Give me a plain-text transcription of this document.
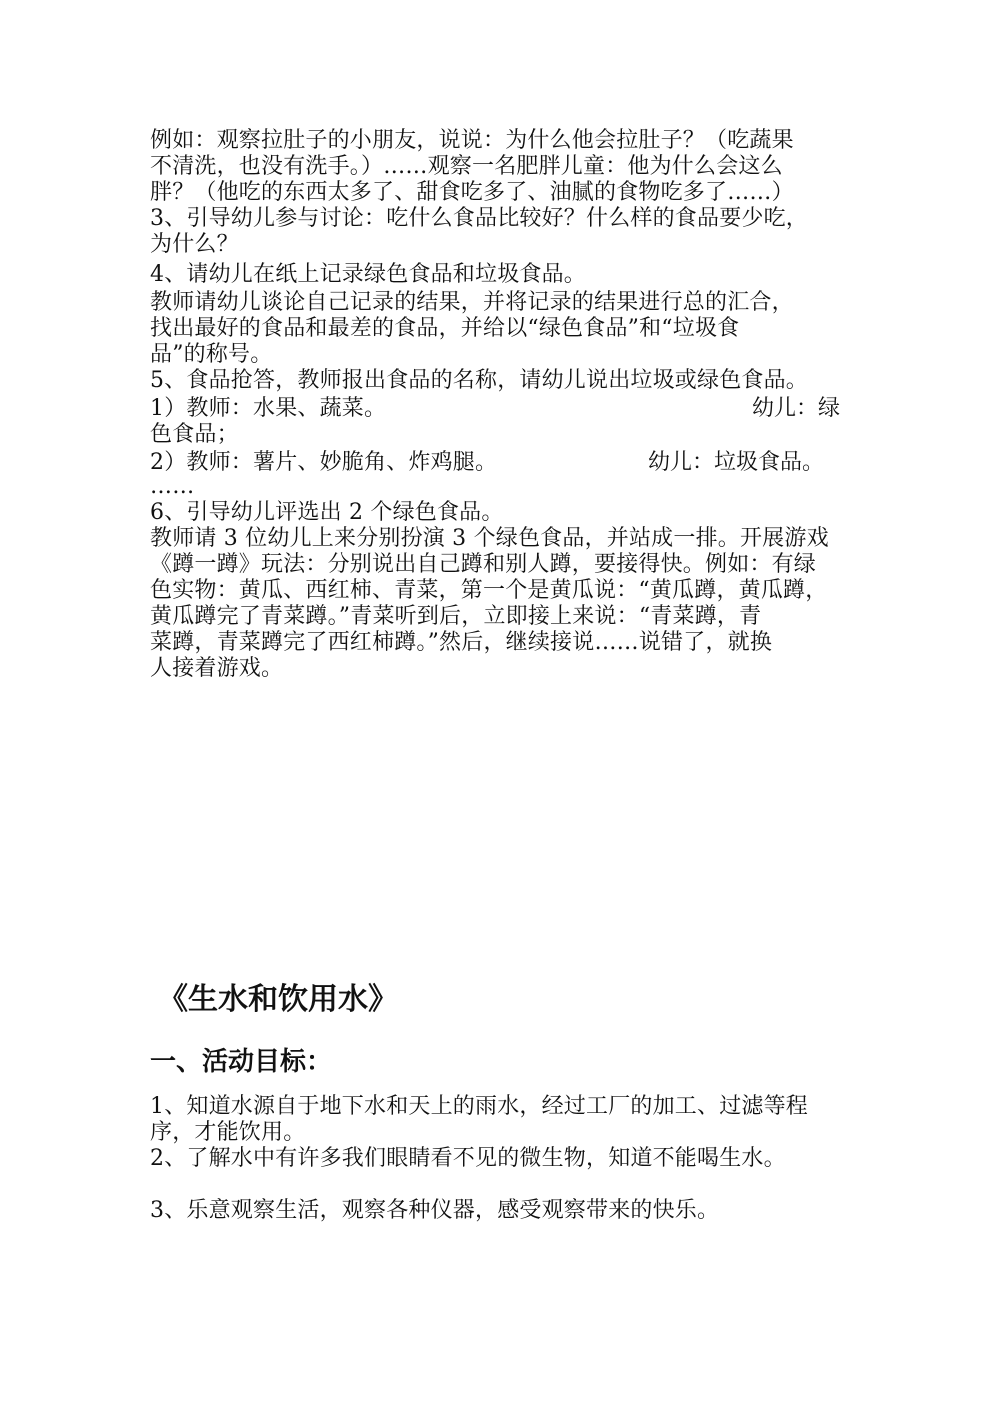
例如：观察拉肚子的小朋友，说说：为什么他会拉肚子？（吃蔬果
不清洗，也没有洗手。）……观察一名肥胖儿童：他为什么会这么
胖？（他吃的东西太多了、甜食吃多了、油腻的食物吃多了……）
3、引导幼儿参与讨论：吃什么食品比较好？什么样的食品要少吃，
为什么？
4、请幼儿在纸上记录绿色食品和垃圾食品。
教师请幼儿谈论自己记录的结果，并将记录的结果进行总的汇合，
找出最好的食品和最差的食品，并给以“绿色食品”和“垃圾食
品”的称号。
5、食品抢答，教师报出食品的名称，请幼儿说出垃圾或绿色食品。
1）教师：水果、蔬菜。	幼儿：绿
色食品；
2）教师：薯片、妙脆角、炸鸡腿。	幼儿：垃圾食品。
……
6、引导幼儿评选出 2 个绿色食品。
教师请 3 位幼儿上来分别扮演 3 个绿色食品，并站成一排。开展游戏
《蹲一蹲》玩法：分别说出自己蹲和别人蹲，要接得快。例如：有绿
色实物：黄瓜、西红柿、青菜，第一个是黄瓜说：“黄瓜蹲，黄瓜蹲，
黄瓜蹲完了青菜蹲。”青菜听到后，立即接上来说：“青菜蹲，青
菜蹲，青菜蹲完了西红柿蹲。”然后，继续接说……说错了，就换
人接着游戏。
《生水和饮用水》
一、活动目标：
1、知道水源自于地下水和天上的雨水，经过工厂的加工、过滤等程
序，才能饮用。
2、了解水中有许多我们眼睛看不见的微生物，知道不能喝生水。
3、乐意观察生活，观察各种仪器，感受观察带来的快乐。
